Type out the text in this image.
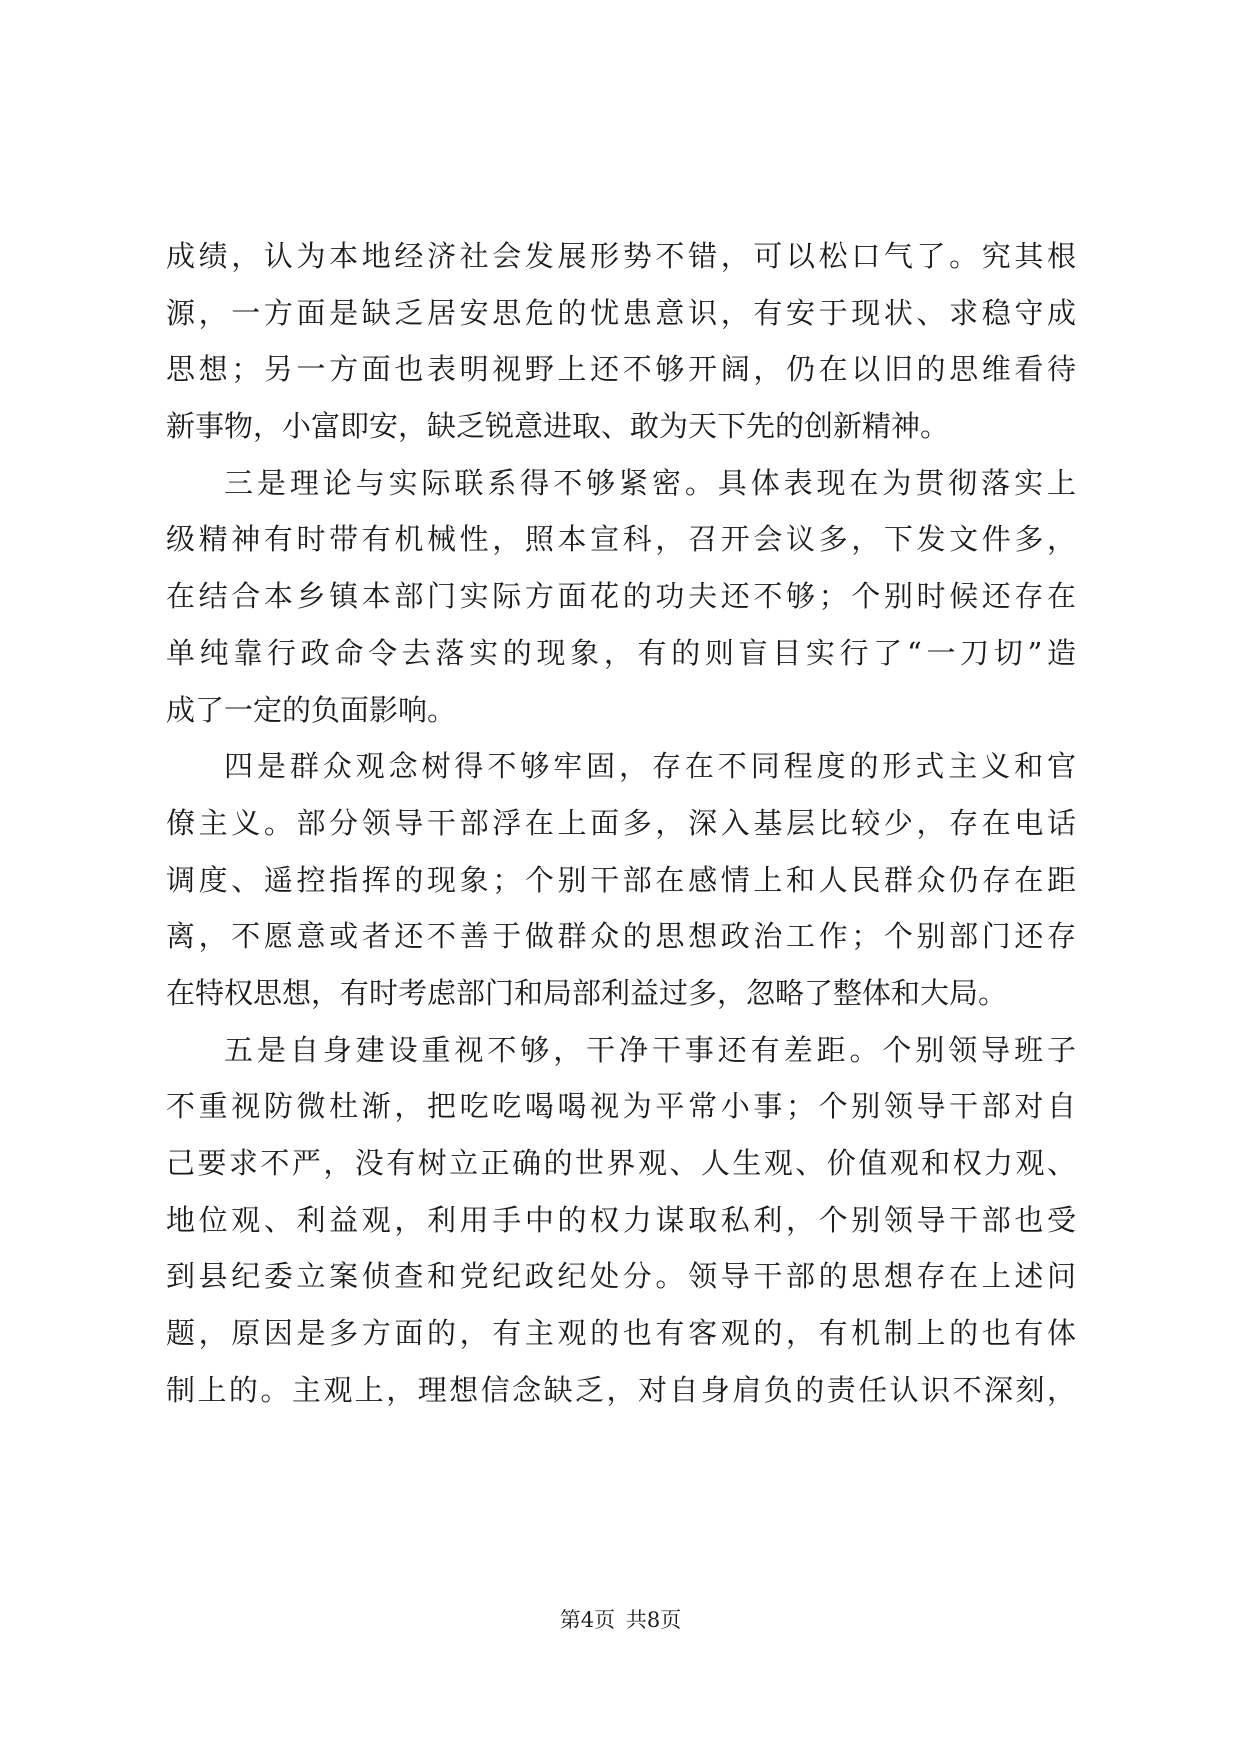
成绩，认为本地经济社会发展形势不错，可以松口气了。究其根
源，一方面是缺乏居安思危的忧患意识，有安于现状、求稳守成
思想；另一方面也表明视野上还不够开阔，仍在以旧的思维看待
新事物，小富即安，缺乏锐意进取、敢为天下先的创新精神。
三是理论与实际联系得不够紧密。具体表现在为贯彻落实上
级精神有时带有机械性，照本宣科，召开会议多，下发文件多，
在结合本乡镇本部门实际方面花的功夫还不够；个别时候还存在
单纯靠行政命令去落实的现象，有的则盲目实行了“一刀切”造
成了一定的负面影响。
四是群众观念树得不够牢固，存在不同程度的形式主义和官
僚主义。部分领导干部浮在上面多，深入基层比较少，存在电话
调度、遥控指挥的现象；个别干部在感情上和人民群众仍存在距
离，不愿意或者还不善于做群众的思想政治工作；个别部门还存
在特权思想，有时考虑部门和局部利益过多，忽略了整体和大局。
五是自身建设重视不够，干净干事还有差距。个别领导班子
不重视防微杜渐，把吃吃喝喝视为平常小事；个别领导干部对自
己要求不严，没有树立正确的世界观、人生观、价值观和权力观、
地位观、利益观，利用手中的权力谋取私利，个别领导干部也受
到县纪委立案侦查和党纪政纪处分。领导干部的思想存在上述问
题，原因是多方面的，有主观的也有客观的，有机制上的也有体
制上的。主观上，理想信念缺乏，对自身肩负的责任认识不深刻，
第4页 共8页
